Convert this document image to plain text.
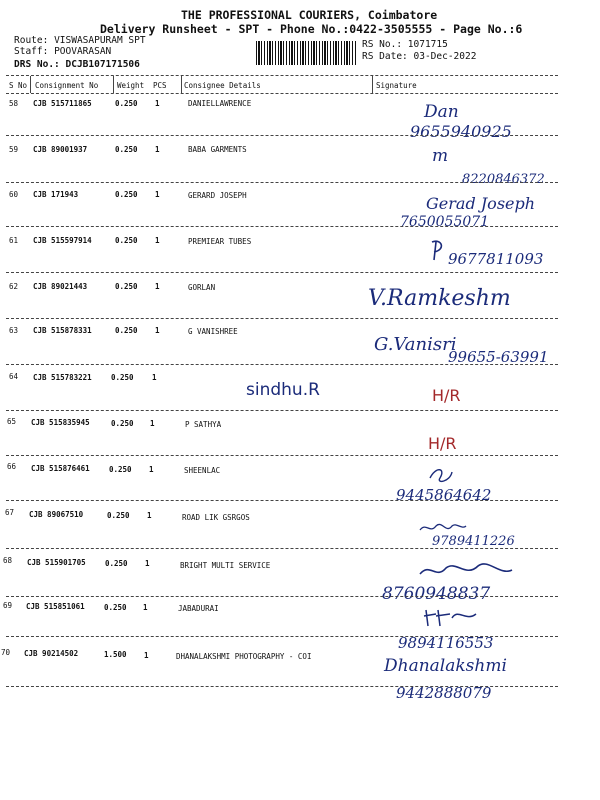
THE PROFESSIONAL COURIERS, Coimbatore
Delivery Runsheet - SPT - Phone No.:0422-3505555 - Page No.:6
Route: VISWASAPURAM SPT
Staff: POOVARASAN
DRS No.: DCJB107171506
RS No.: 1071715
RS Date: 03-Dec-2022
S No Consignment No	Weight PCS Consignee Details	Signature
58 CJB 515711865	0.250 1	DANIELLAWRENCE	Dan
9655940925
59 CJB 89001937	0.250 1	BABA GARMENTS	m
8220846372
60 CJB 171943	0.250 1	GERARD JOSEPH	Gerad Joseph
7650055071
61 CJB 515597914	0.250 1	PREMIEAR TUBES
9677811093
62 CJB 89021443	0.250 1	GORLAN	V.Ramkeshm
63 CJB 515878331	0.250 1	G VANISHREE
G.Vanisri
99655-63991
64 CJB 515783221	0.250 1
sindhu.R	H/R
65 CJB 515835945	0.250 1	P SATHYA
H/R
66 CJB 515876461	0.250 1	SHEENLAC
9445864642
67 CJB 89067510	0.250 1	ROAD LIK GSRGOS
9789411226
68 CJB 515901705	0.250 1	BRIGHT MULTI SERVICE
8760948837
69 CJB 515851061	0.250 1	JABADURAI
9894116553
70 CJB 90214502	1.500 1	DHANALAKSHMI PHOTOGRAPHY - COI	Dhanalakshmi
9442888079
